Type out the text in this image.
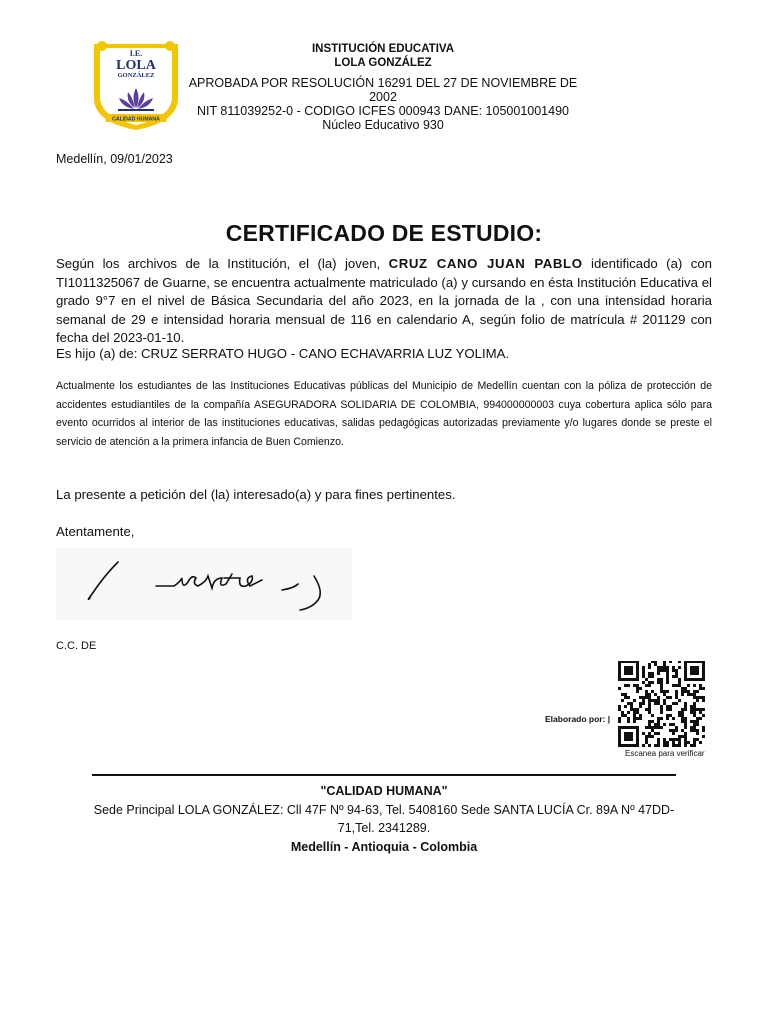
I.E.
LOLA
GONZÁLEZ
CALIDAD HUMANA
INSTITUCIÓN EDUCATIVA
LOLA GONZÁLEZ
APROBADA POR RESOLUCIÓN 16291 DEL 27 DE NOVIEMBRE DE 2002
NIT 811039252-0 - CODIGO ICFES 000943 DANE: 105001001490
Núcleo Educativo 930
Medellín, 09/01/2023
CERTIFICADO DE ESTUDIO:
Según los archivos de la Institución, el (la) joven, CRUZ CANO JUAN PABLO identificado (a) con TI1011325067 de Guarne, se encuentra actualmente matriculado (a) y cursando en ésta Institución Educativa el grado 9°7 en el nivel de Básica Secundaria del año 2023, en la jornada de la , con una intensidad horaria semanal de 29 e intensidad horaria mensual de 116 en calendario A, según folio de matrícula # 201129 con fecha del 2023-01-10.
Es hijo (a) de: CRUZ SERRATO HUGO - CANO ECHAVARRIA LUZ YOLIMA.
Actualmente los estudiantes de las Instituciones Educativas públicas del Municipio de Medellín cuentan con la póliza de protección de accidentes estudiantiles de la compañía ASEGURADORA SOLIDARIA DE COLOMBIA, 994000000003 cuya cobertura aplica sólo para evento ocurridos al interior de las instituciones educativas, salidas pedagógicas autorizadas previamente y/o lugares donde se preste el servicio de atención a la primera infancia de Buen Comienzo.
La presente a petición del (la) interesado(a) y para fines pertinentes.
Atentamente,
C.C. DE
Elaborado por: |
Escanea para verificar
"CALIDAD HUMANA"
Sede Principal LOLA GONZÁLEZ: Cll 47F Nº 94-63, Tel. 5408160 Sede SANTA LUCÍA Cr. 89A Nº 47DD-71,Tel. 2341289.
Medellín - Antioquia - Colombia
